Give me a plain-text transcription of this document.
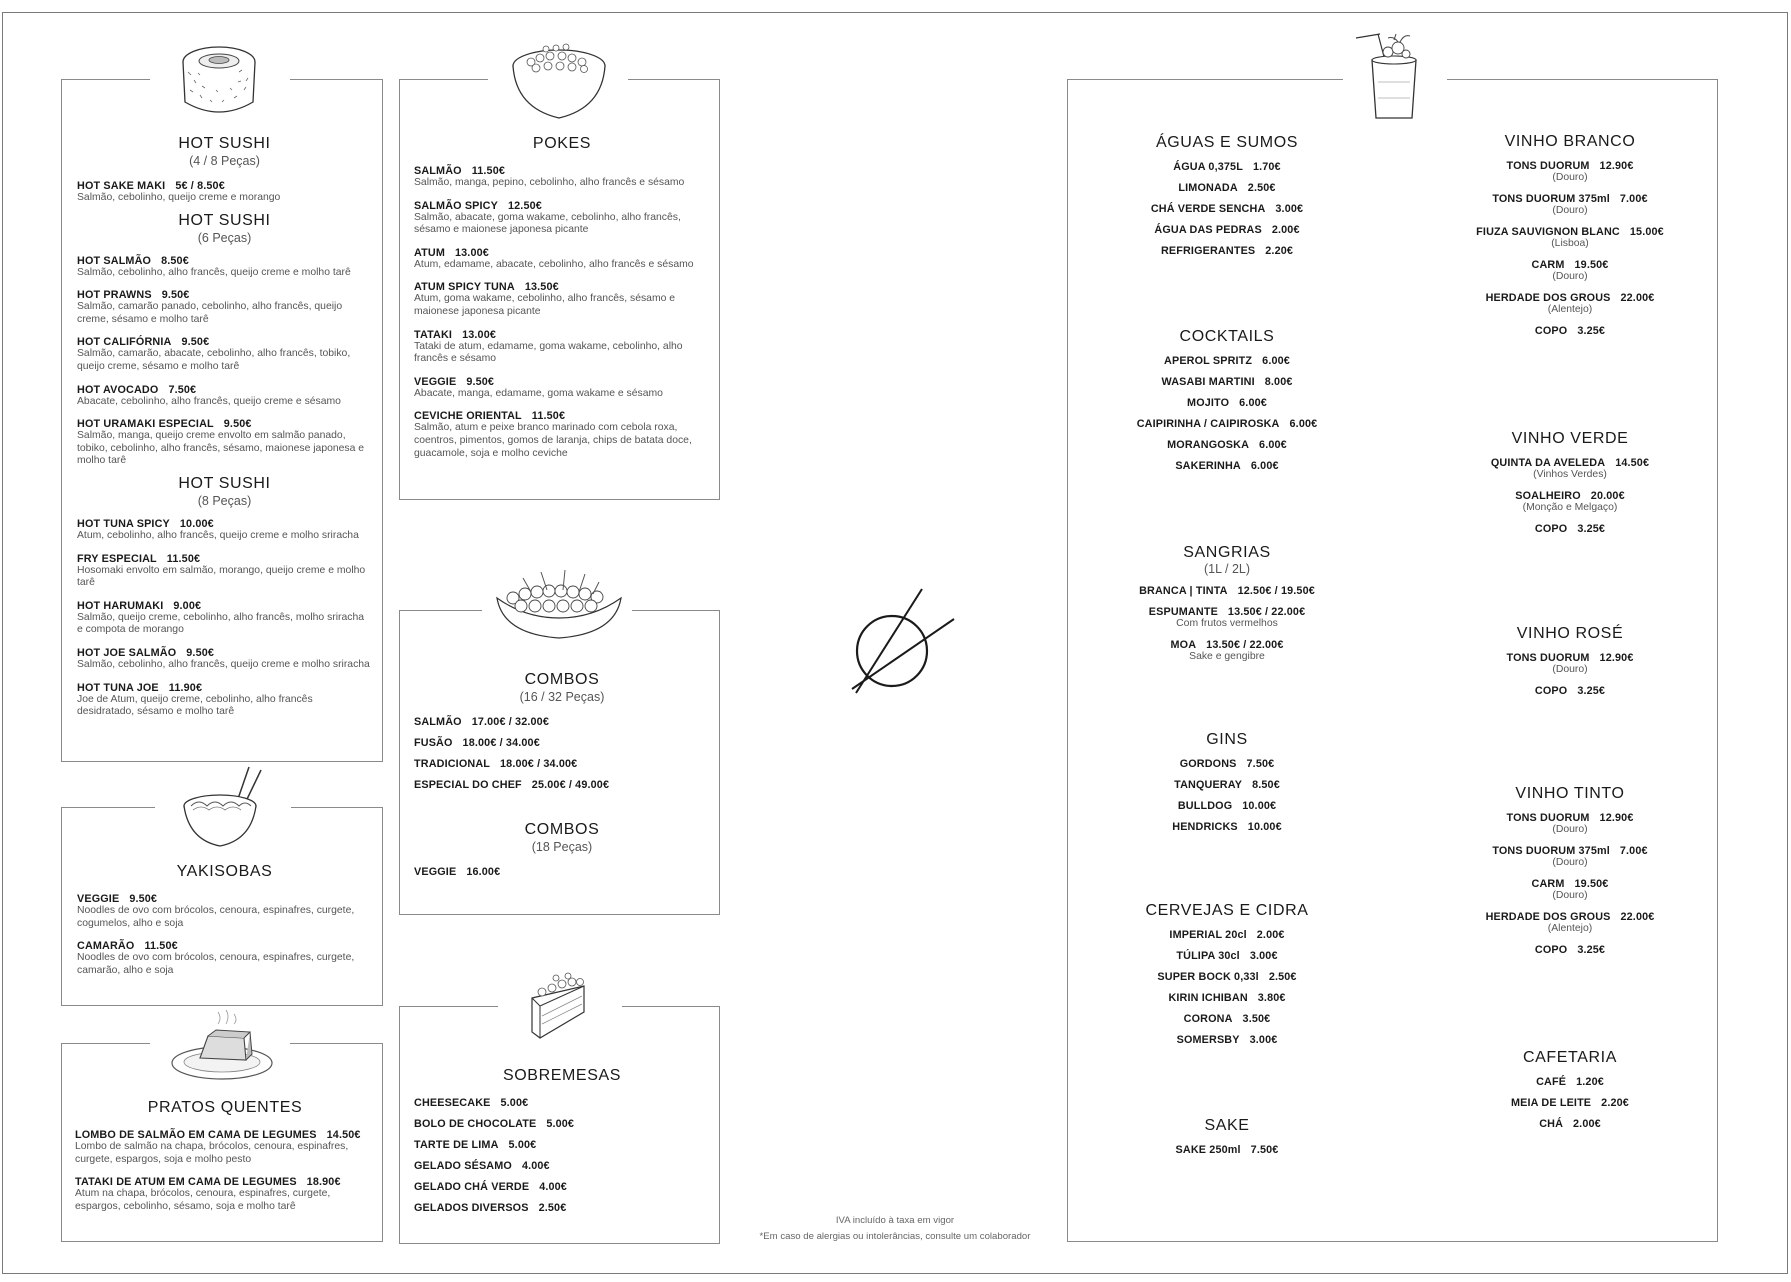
HOT SUSHI
(4 / 8 Peças)
HOT SAKE MAKI 5€ / 8.50€
Salmão, cebolinho, queijo creme e morango
HOT SUSHI
(6 Peças)
HOT SALMÃO 8.50€
Salmão, cebolinho, alho francês, queijo creme e molho tarê
HOT PRAWNS 9.50€
Salmão, camarão panado, cebolinho, alho francês, queijo creme, sésamo e molho tarê
HOT CALIFÓRNIA 9.50€
Salmão, camarão, abacate, cebolinho, alho francês, tobiko, queijo creme, sésamo e molho tarê
HOT AVOCADO 7.50€
Abacate, cebolinho, alho francês, queijo creme e sésamo
HOT URAMAKI ESPECIAL 9.50€
Salmão, manga, queijo creme envolto em salmão panado, tobiko, cebolinho, alho francês, sésamo, maionese japonesa e molho tarê
HOT SUSHI
(8 Peças)
HOT TUNA SPICY 10.00€
Atum, cebolinho, alho francês, queijo creme e molho sriracha
FRY ESPECIAL 11.50€
Hosomaki envolto em salmão, morango, queijo creme e molho tarê
HOT HARUMAKI 9.00€
Salmão, queijo creme, cebolinho, alho francês, molho sriracha e compota de morango
HOT JOE SALMÃO 9.50€
Salmão, cebolinho, alho francês, queijo creme e molho sriracha
HOT TUNA JOE 11.90€
Joe de Atum, queijo creme, cebolinho, alho francês desidratado, sésamo e molho tarê
YAKISOBAS
VEGGIE 9.50€
Noodles de ovo com brócolos, cenoura, espinafres, curgete, cogumelos, alho e soja
CAMARÃO 11.50€
Noodles de ovo com brócolos, cenoura, espinafres, curgete, camarão, alho e soja
PRATOS QUENTES
LOMBO DE SALMÃO EM CAMA DE LEGUMES 14.50€
Lombo de salmão na chapa, brócolos, cenoura, espinafres, curgete, espargos, soja e molho pesto
TATAKI DE ATUM EM CAMA DE LEGUMES 18.90€
Atum na chapa, brócolos, cenoura, espinafres, curgete, espargos, cebolinho, sésamo, soja e molho tarê
POKES
SALMÃO 11.50€
Salmão, manga, pepino, cebolinho, alho francês e sésamo
SALMÃO SPICY 12.50€
Salmão, abacate, goma wakame, cebolinho, alho francês, sésamo e maionese japonesa picante
ATUM 13.00€
Atum, edamame, abacate, cebolinho, alho francês e sésamo
ATUM SPICY TUNA 13.50€
Atum, goma wakame, cebolinho, alho francês, sésamo e maionese japonesa picante
TATAKI 13.00€
Tataki de atum, edamame, goma wakame, cebolinho, alho francês e sésamo
VEGGIE 9.50€
Abacate, manga, edamame, goma wakame e sésamo
CEVICHE ORIENTAL 11.50€
Salmão, atum e peixe branco marinado com cebola roxa, coentros, pimentos, gomos de laranja, chips de batata doce, guacamole, soja e molho ceviche
COMBOS
(16 / 32 Peças)
SALMÃO 17.00€ / 32.00€
FUSÃO 18.00€ / 34.00€
TRADICIONAL 18.00€ / 34.00€
ESPECIAL DO CHEF 25.00€ / 49.00€
COMBOS
(18 Peças)
VEGGIE 16.00€
SOBREMESAS
CHEESECAKE 5.00€
BOLO DE CHOCOLATE 5.00€
TARTE DE LIMA 5.00€
GELADO SÉSAMO 4.00€
GELADO CHÁ VERDE 4.00€
GELADOS DIVERSOS 2.50€
IVA incluído à taxa em vigor
*Em caso de alergias ou intolerâncias, consulte um colaborador
ÁGUAS E SUMOS
ÁGUA 0,375L 1.70€
LIMONADA 2.50€
CHÁ VERDE SENCHA 3.00€
ÁGUA DAS PEDRAS 2.00€
REFRIGERANTES 2.20€
COCKTAILS
APEROL SPRITZ 6.00€
WASABI MARTINI 8.00€
MOJITO 6.00€
CAIPIRINHA / CAIPIROSKA 6.00€
MORANGOSKA 6.00€
SAKERINHA 6.00€
SANGRIAS
(1L / 2L)
BRANCA | TINTA 12.50€ / 19.50€
ESPUMANTE 13.50€ / 22.00€
Com frutos vermelhos
MOA 13.50€ / 22.00€
Sake e gengibre
GINS
GORDONS 7.50€
TANQUERAY 8.50€
BULLDOG 10.00€
HENDRICKS 10.00€
CERVEJAS E CIDRA
IMPERIAL 20cl 2.00€
TÚLIPA 30cl 3.00€
SUPER BOCK 0,33l 2.50€
KIRIN ICHIBAN 3.80€
CORONA 3.50€
SOMERSBY 3.00€
SAKE
SAKE 250ml 7.50€
VINHO BRANCO
TONS DUORUM 12.90€
(Douro)
TONS DUORUM 375ml 7.00€
(Douro)
FIUZA SAUVIGNON BLANC 15.00€
(Lisboa)
CARM 19.50€
(Douro)
HERDADE DOS GROUS 22.00€
(Alentejo)
COPO 3.25€
VINHO VERDE
QUINTA DA AVELEDA 14.50€
(Vinhos Verdes)
SOALHEIRO 20.00€
(Monção e Melgaço)
COPO 3.25€
VINHO ROSÉ
TONS DUORUM 12.90€
(Douro)
COPO 3.25€
VINHO TINTO
TONS DUORUM 12.90€
(Douro)
TONS DUORUM 375ml 7.00€
(Douro)
CARM 19.50€
(Douro)
HERDADE DOS GROUS 22.00€
(Alentejo)
COPO 3.25€
CAFETARIA
CAFÉ 1.20€
MEIA DE LEITE 2.20€
CHÁ 2.00€
